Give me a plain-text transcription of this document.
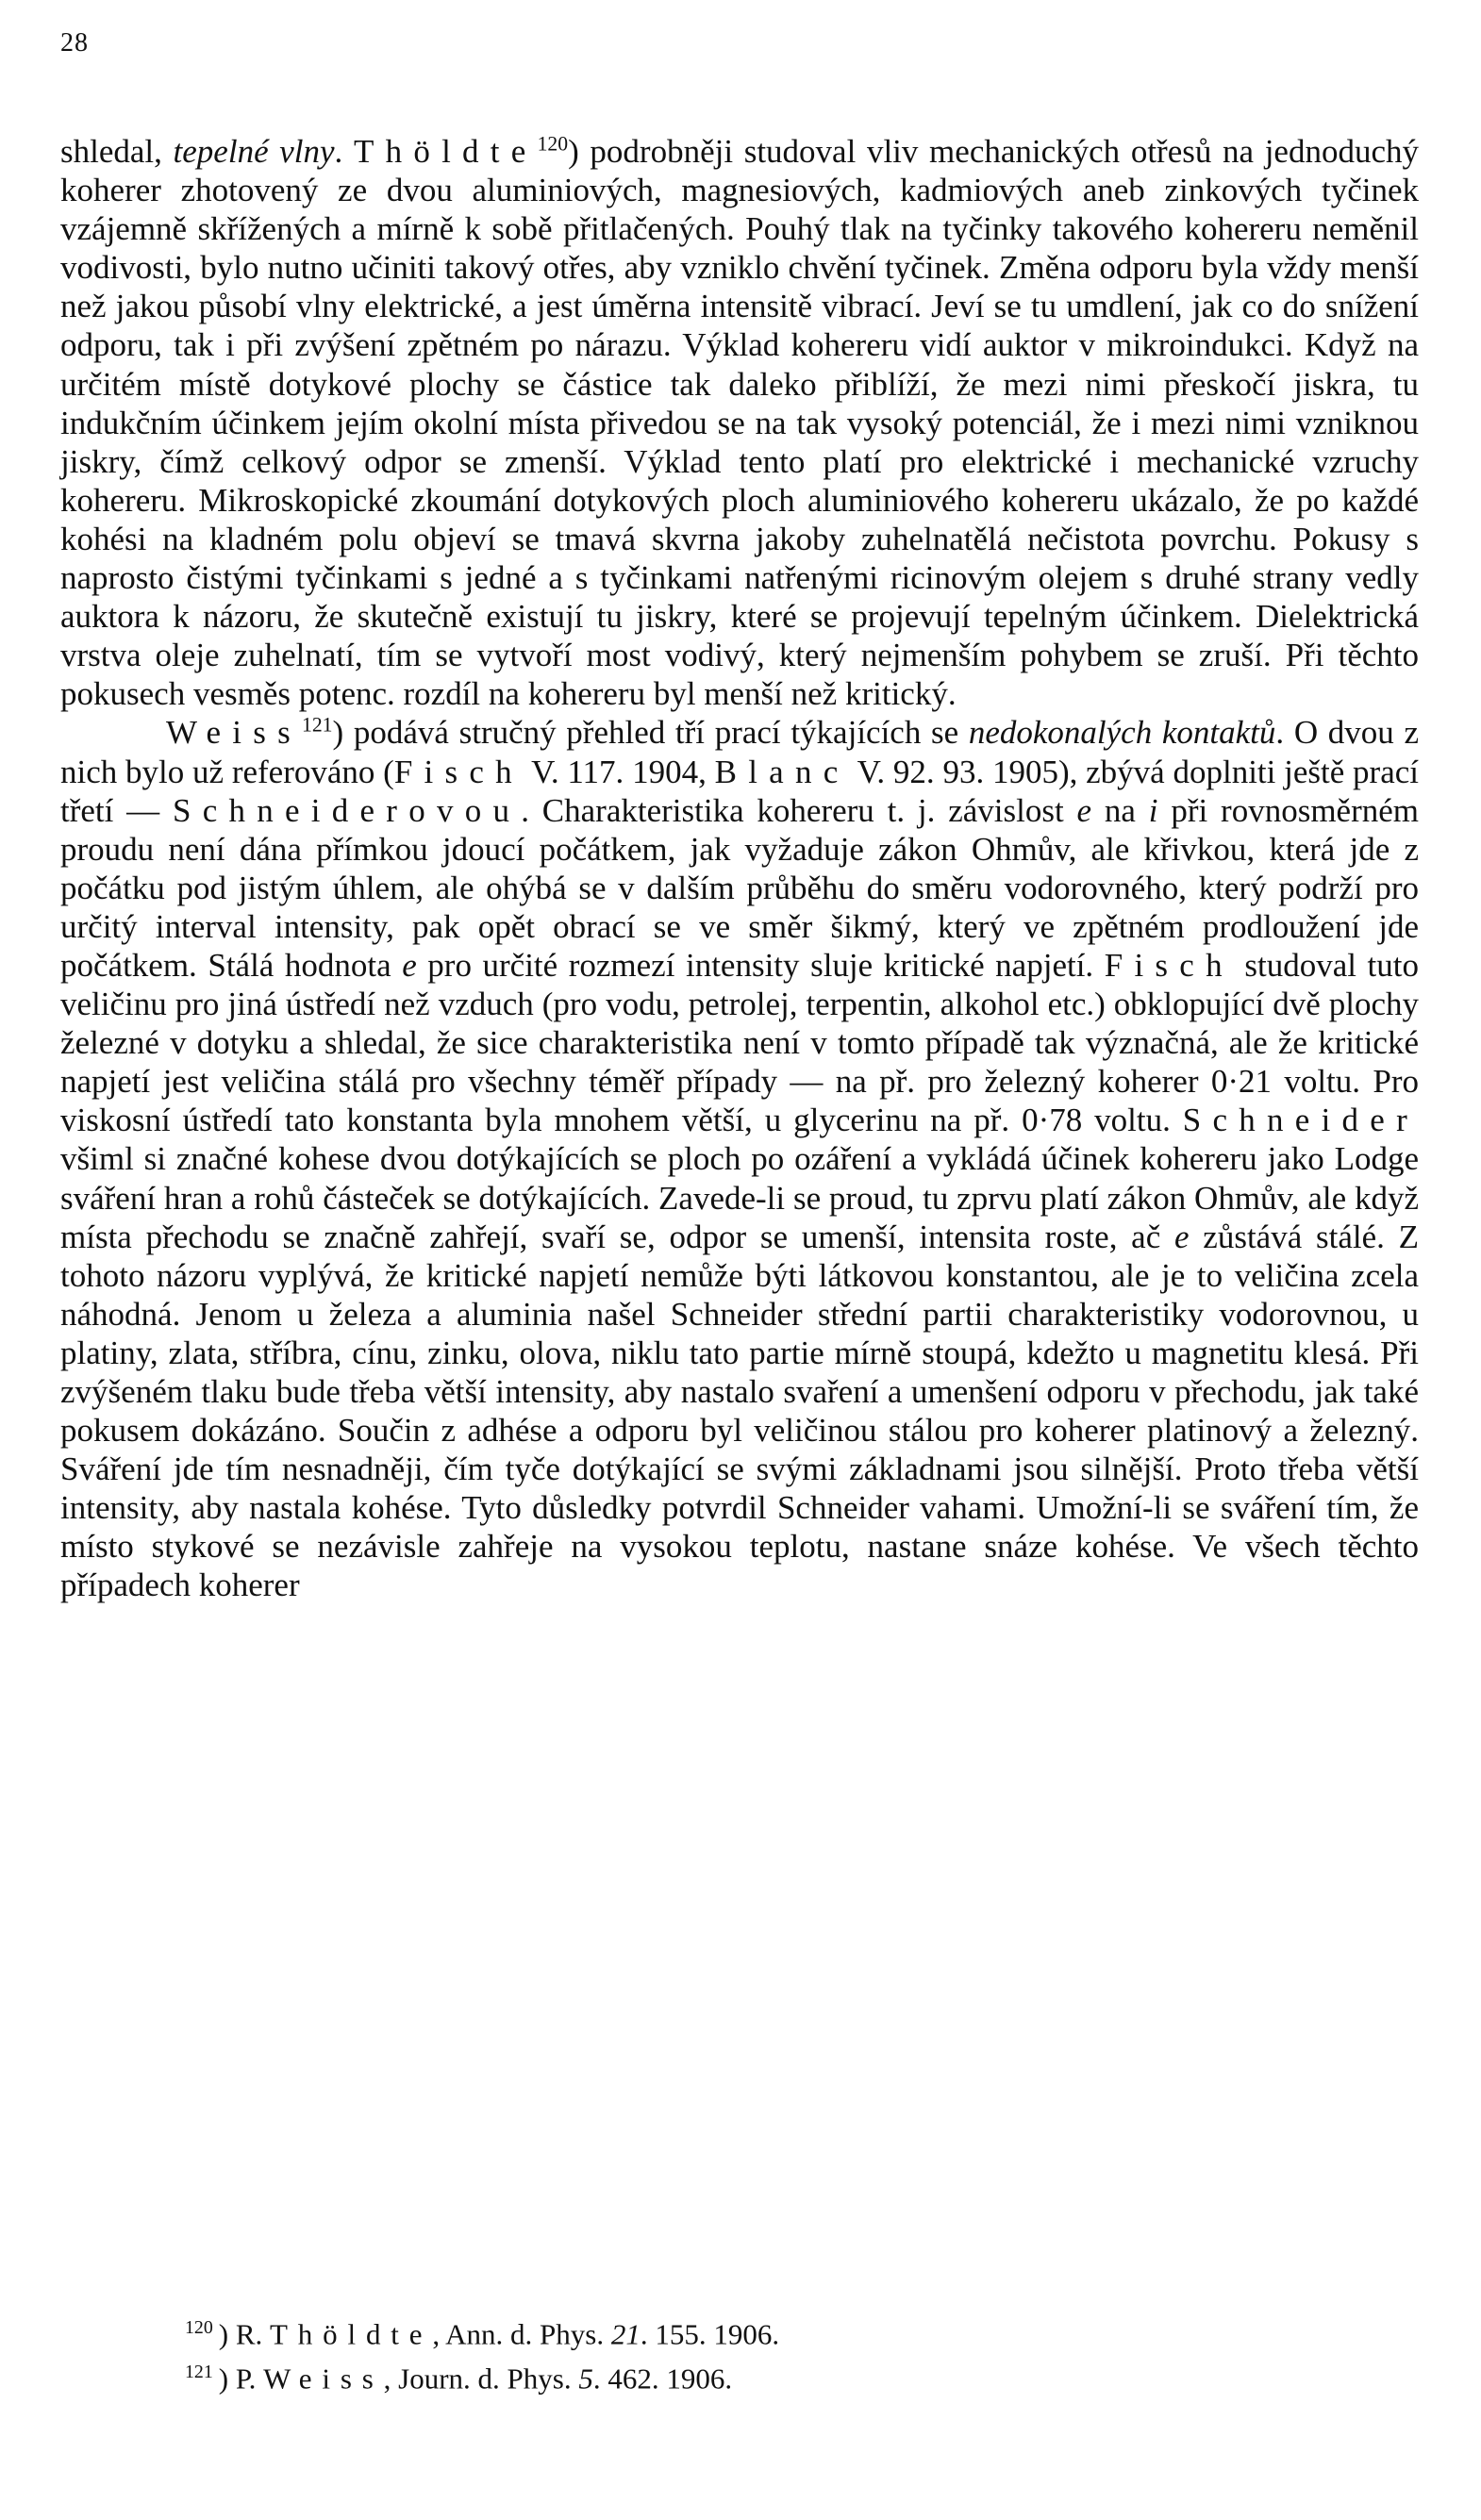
28

shledal, tepelné vlny. Thöldte$^{120}$) podrobněji studoval vliv mechanických otřesů na jednoduchý koherer zhotovený ze dvou aluminiových, magnesiových, kadmiových aneb zinkových tyčinek vzájemně skřížených a mírně k sobě přitlačených. Pouhý tlak na tyčinky takového kohereru neměnil vodivosti, bylo nutno učiniti takový otřes, aby vzniklo chvění tyčinek. Změna odporu byla vždy menší než jakou působí vlny elektrické, a jest úměrna intensitě vibrací. Jeví se tu umdlení, jak co do snížení odporu, tak i při zvýšení zpětném po nárazu. Výklad kohereru vidí auktor v mikroindukci. Když na určitém místě dotykové plochy se částice tak daleko přiblíží, že mezi nimi přeskočí jiskra, tu indukčním účinkem jejím okolní místa přivedou se na tak vysoký potenciál, že i mezi nimi vzniknou jiskry, čímž celkový odpor se zmenší. Výklad tento platí pro elektrické i mechanické vzruchy kohereru. Mikroskopické zkoumání dotykových ploch aluminiového kohereru ukázalo, že po každé kohési na kladném polu objeví se tmavá skvrna jakoby zuhelnatělá nečistota povrchu. Pokusy s naprosto čistými tyčinkami s jedné a s tyčinkami natřenými ricinovým olejem s druhé strany vedly auktora k názoru, že skutečně existují tu jiskry, které se projevují tepelným účinkem. Dielektrická vrstva oleje zuhelnatí, tím se vytvoří most vodivý, který nejmenším pohybem se zruší. Při těchto pokusech vesměs potenc. rozdíl na kohereru byl menší než kritický.

Weiss$^{121}$) podává stručný přehled tří prací týkajících se nedokonalých kontaktů. O dvou z nich bylo už referováno (Fisch V. 117. 1904, Blanc V. 92. 93. 1905), zbývá doplniti ještě prací třetí — Schneiderovou. Charakteristika kohereru t. j. závislost e na i při rovnosměrném proudu není dána přímkou jdoucí počátkem, jak vyžaduje zákon Ohmův, ale křivkou, která jde z počátku pod jistým úhlem, ale ohýbá se v dalším průběhu do směru vodorovného, který podrží pro určitý interval intensity, pak opět obrací se ve směr šikmý, který ve zpětném prodloužení jde počátkem. Stálá hodnota e pro určité rozmezí intensity sluje kritické napjetí. Fisch studoval tuto veličinu pro jiná ústředí než vzduch (pro vodu, petrolej, terpentin, alkohol etc.) obklopující dvě plochy železné v dotyku a shledal, že sice charakteristika není v tomto případě tak význačná, ale že kritické napjetí jest veličina stálá pro všechny téměř případy — na př. pro železný koherer 0·21 voltu. Pro viskosní ústředí tato konstanta byla mnohem větší, u glycerinu na př. 0·78 voltu. Schneider všiml si značné kohese dvou dotýkajících se ploch po ozáření a vykládá účinek kohereru jako Lodge sváření hran a rohů částeček se dotýkajících. Zavede-li se proud, tu zprvu platí zákon Ohmův, ale když místa přechodu se značně zahřejí, svaří se, odpor se umenší, intensita roste, ač e zůstává stálé. Z tohoto názoru vyplývá, že kritické napjetí nemůže býti látkovou konstantou, ale je to veličina zcela náhodná. Jenom u železa a aluminia našel Schneider střední partii charakteristiky vodorovnou, u platiny, zlata, stříbra, cínu, zinku, olova, niklu tato partie mírně stoupá, kdežto u magnetitu klesá. Při zvýšeném tlaku bude třeba větší intensity, aby nastalo svaření a umenšení odporu v přechodu, jak také pokusem dokázáno. Součin z adhése a odporu byl veličinou stálou pro koherer platinový a železný. Sváření jde tím nesnadněji, čím tyče dotýkající se svými základnami jsou silnější. Proto třeba větší intensity, aby nastala kohése. Tyto důsledky potvrdil Schneider vahami. Umožní-li se sváření tím, že místo stykové se nezávisle zahřeje na vysokou teplotu, nastane snáze kohése. Ve všech těchto případech koherer

$^{120}$ ) R. Thöldte, Ann. d. Phys. 21. 155. 1906.

$^{121}$ ) P. Weiss, Journ. d. Phys. 5. 462. 1906.
